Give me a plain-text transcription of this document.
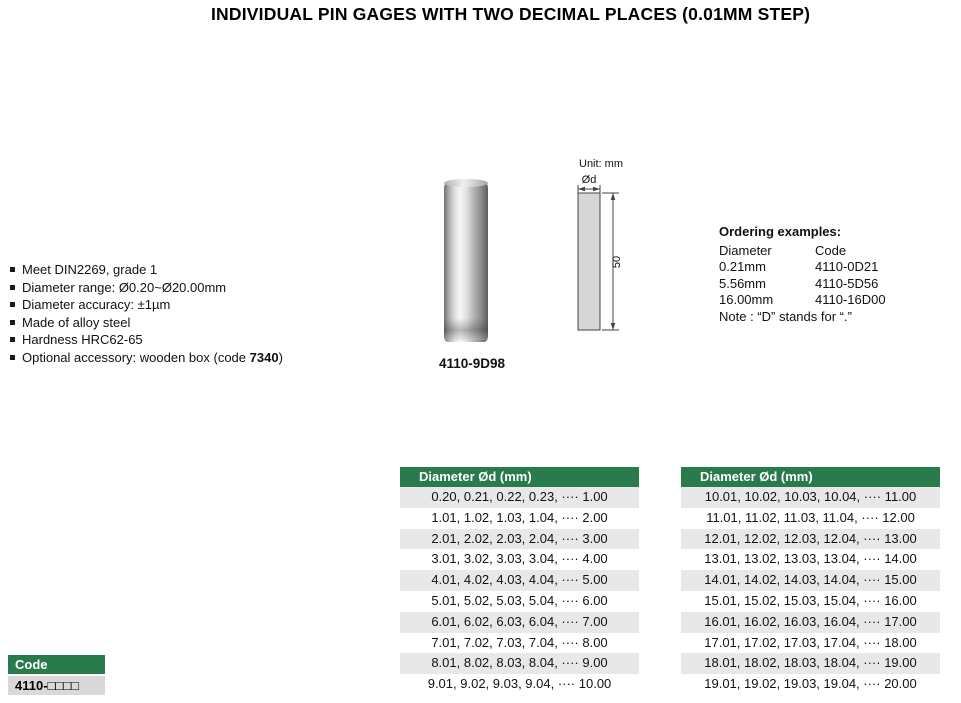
INDIVIDUAL PIN GAGES WITH TWO DECIMAL PLACES (0.01MM STEP)
Meet DIN2269, grade 1
Diameter range: Ø0.20~Ø20.00mm
Diameter accuracy: ±1µm
Made of alloy steel
Hardness HRC62-65
Optional accessory: wooden box (code 7340)	4110-9D98
Unit: mm
Ød
50
Ordering examples:
Diameter	Code
0.21mm	4110-0D21
5.56mm	4110-5D56
16.00mm	4110-16D00
Note : “D” stands for “.”
Diameter Ød (mm)
0.20, 0.21, 0.22, 0.23, ···· 1.00
1.01, 1.02, 1.03, 1.04, ···· 2.00
2.01, 2.02, 2.03, 2.04, ···· 3.00
3.01, 3.02, 3.03, 3.04, ···· 4.00
4.01, 4.02, 4.03, 4.04, ···· 5.00
5.01, 5.02, 5.03, 5.04, ···· 6.00
6.01, 6.02, 6.03, 6.04, ···· 7.00
7.01, 7.02, 7.03, 7.04, ···· 8.00
8.01, 8.02, 8.03, 8.04, ···· 9.00
9.01, 9.02, 9.03, 9.04, ···· 10.00
Diameter Ød (mm)
10.01, 10.02, 10.03, 10.04, ···· 11.00
11.01, 11.02, 11.03, 11.04, ···· 12.00
12.01, 12.02, 12.03, 12.04, ···· 13.00
13.01, 13.02, 13.03, 13.04, ···· 14.00
14.01, 14.02, 14.03, 14.04, ···· 15.00
15.01, 15.02, 15.03, 15.04, ···· 16.00
16.01, 16.02, 16.03, 16.04, ···· 17.00
17.01, 17.02, 17.03, 17.04, ···· 18.00
18.01, 18.02, 18.03, 18.04, ···· 19.00
19.01, 19.02, 19.03, 19.04, ···· 20.00
Code
4110-□□□□
